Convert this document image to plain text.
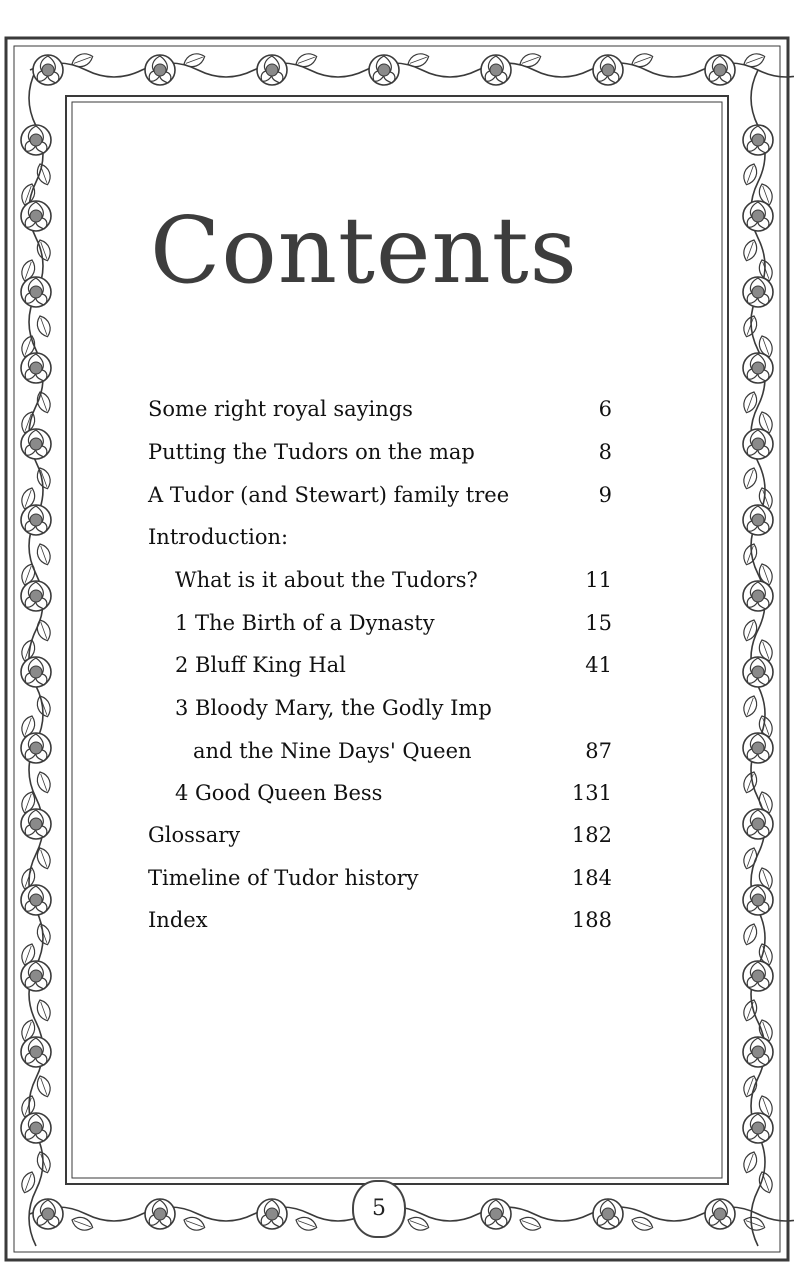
Contents
Some right royal sayings	6
Putting the Tudors on the map	8
A Tudor (and Stewart) family tree	9
Introduction:
What is it about the Tudors?	11
1 The Birth of a Dynasty	15
2 Bluff King Hal	41
3 Bloody Mary, the Godly Imp
and the Nine Days' Queen	87
4 Good Queen Bess	131
Glossary	182
Timeline of Tudor history	184
Index	188
5
